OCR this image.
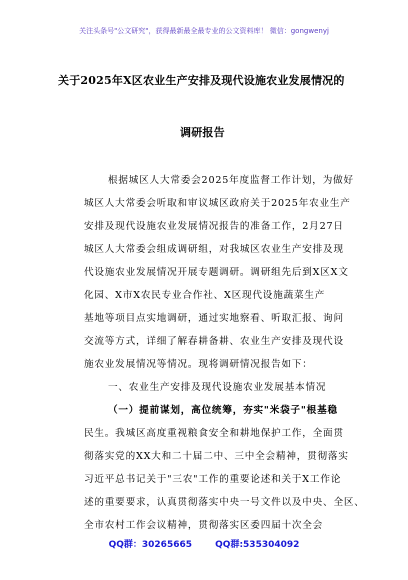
关注头条号"公文研究"，获得最新最全最专业的公文资料库！ 微信：gongwenyj
关于2025年X区农业生产安排及现代设施农业发展情况的
调研报告
根据城区人大常委会2025年度监督工作计划，为做好
城区人大常委会听取和审议城区政府关于2025年农业生产
安排及现代设施农业发展情况报告的准备工作，2月27日
城区人大常委会组成调研组，对我城区农业生产安排及现
代设施农业发展情况开展专题调研。调研组先后到X区X文
化园、X市X农民专业合作社、X区现代设施蔬菜生产
基地等项目点实地调研，通过实地察看、听取汇报、询问
交流等方式，详细了解春耕备耕、农业生产安排及现代设
施农业发展情况等情况。现将调研情况报告如下：
一、农业生产安排及现代设施农业发展基本情况
（一）提前谋划，高位统筹，夯实"米袋子"根基稳
民生。我城区高度重视粮食安全和耕地保护工作，全面贯
彻落实党的XX大和二十届二中、三中全会精神，贯彻落实
习近平总书记关于"三农"工作的重要论述和关于X工作论
述的重要要求，认真贯彻落实中央一号文件以及中央、全区、
全市农村工作会议精神，贯彻落实区委四届十次全会
QQ群：30265665	QQ群:535304092
